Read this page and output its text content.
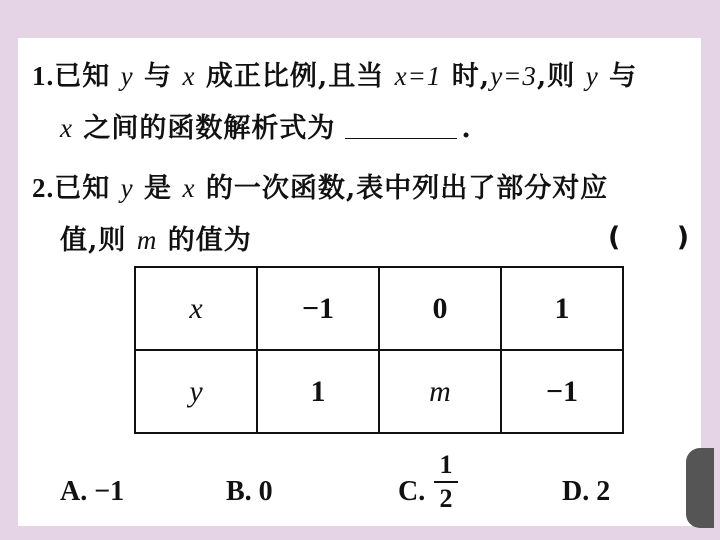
1.已知 y 与 x 成正比例,且当 x=1 时,y=3,则 y 与
x 之间的函数解析式为	.
2.已知 y 是 x 的一次函数,表中列出了部分对应
值,则 m 的值为	(      )
x	−1	0	1
y	1	m	−1
A. −1	B. 0	C.
1
2	D. 2
